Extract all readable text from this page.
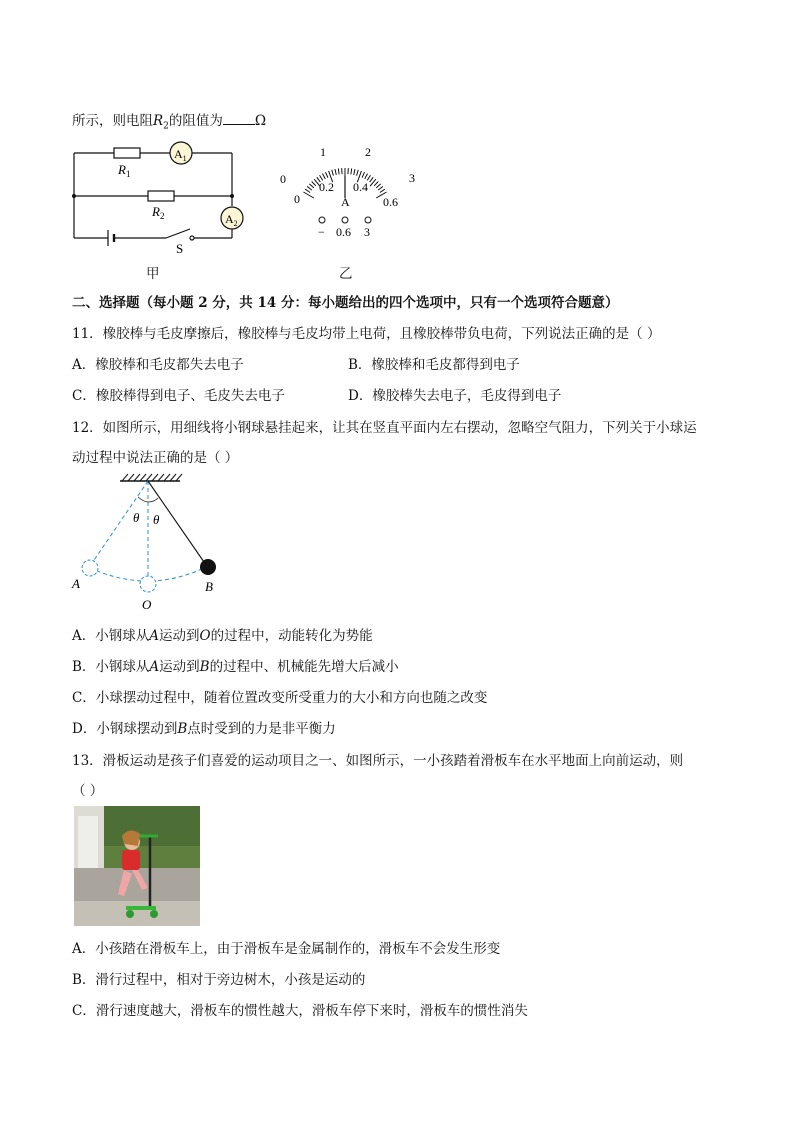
所示，则电阻$R_2$的阻值为 Ω
$R_1$
$R_2$
$A_1$
$A_2$
S
甲
0
1	2
3
0
0.2 0.4
0.6
A
− 0.6 3
乙
二、选择题（每小题 2 分，共 14 分：每小题给出的四个选项中，只有一个选项符合题意）
11．橡胶棒与毛皮摩擦后，橡胶棒与毛皮均带上电荷，且橡胶棒带负电荷，下列说法正确的是（ ）
A．橡胶棒和毛皮都失去电子	B．橡胶棒和毛皮都得到电子
C．橡胶棒得到电子、毛皮失去电子	D．橡胶棒失去电子，毛皮得到电子
12．如图所示，用细线将小钢球悬挂起来，让其在竖直平面内左右摆动，忽略空气阻力，下列关于小球运
动过程中说法正确的是（ ）
θ θ
A
O
B
A．小钢球从A运动到O的过程中，动能转化为势能
B．小钢球从A运动到B的过程中、机械能先增大后减小
C．小球摆动过程中，随着位置改变所受重力的大小和方向也随之改变
D．小钢球摆动到B点时受到的力是非平衡力
13．滑板运动是孩子们喜爱的运动项目之一、如图所示，一小孩踏着滑板车在水平地面上向前运动，则
（ ）
A．小孩踏在滑板车上，由于滑板车是金属制作的，滑板车不会发生形变
B．滑行过程中，相对于旁边树木，小孩是运动的
C．滑行速度越大，滑板车的惯性越大，滑板车停下来时，滑板车的惯性消失
